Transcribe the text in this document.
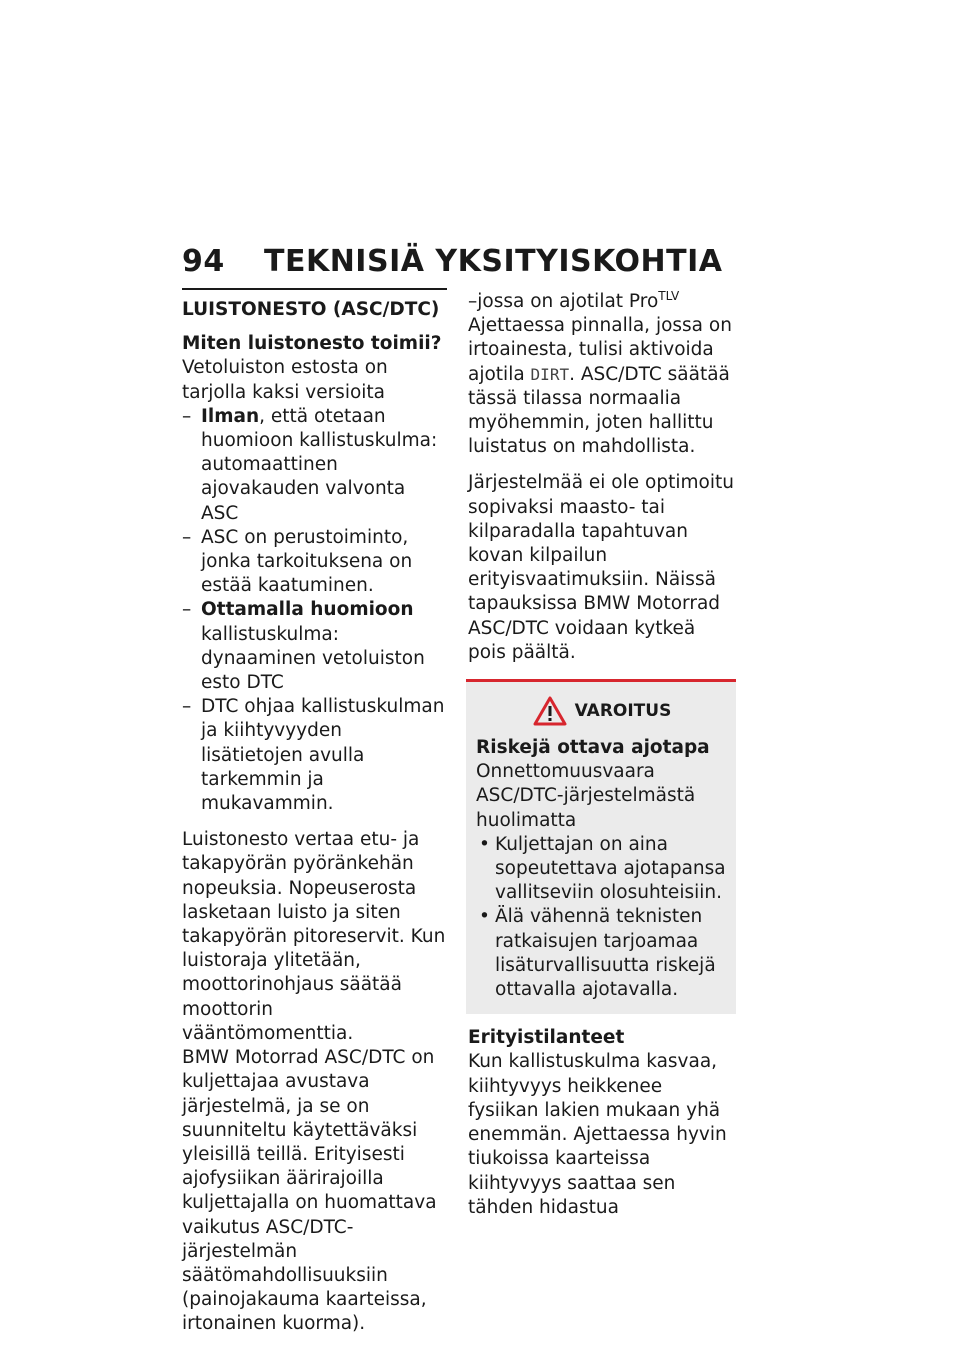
94 TEKNISIÄ YKSITYISKOHTIA
LUISTONESTO (ASC/DTC)
Miten luistonesto toimii?

Vetoluiston estosta on tarjolla kaksi versioita

– Ilman, että otetaan huomioon kallistuskulma: automaattinen ajovakauden valvonta ASC
– ASC on perustoiminto, jonka tarkoituksena on estää kaatuminen.
– Ottamalla huomioon kallistuskulma: dynaaminen vetoluiston esto DTC
– DTC ohjaa kallistuskulman ja kiihtyvyyden lisätietojen avulla tarkemmin ja mukavammin.

Luistonesto vertaa etu- ja takapyörän pyöränkehän nopeuksia. Nopeuserosta lasketaan luisto ja siten takapyörän pitoreservit. Kun luistoraja ylitetään, moottorinohjaus säätää moottorin vääntömomenttia.

BMW Motorrad ASC/DTC on kuljettajaa avustava järjestelmä, ja se on suunniteltu käytettäväksi yleisillä teillä. Erityisesti ajofysiikan äärirajoilla kuljettajalla on huomattava vaikutus ASC/DTC-järjestelmän säätömahdollisuuksiin (painojakauma kaarteissa, irtonainen kuorma).

–jossa on ajotilat Pro$^{TLV}$

Ajettaessa pinnalla, jossa on irtoainesta, tulisi aktivoida ajotila DIRT. ASC/DTC säätää tässä tilassa normaalia myöhemmin, joten hallittu luistatus on mahdollista.

Järjestelmää ei ole optimoitu sopivaksi maasto- tai kilparadalla tapahtuvan kovan kilpailun erityisvaatimuksiin. Näissä tapauksissa BMW Motorrad ASC/DTC voidaan kytkeä pois päältä.

VAROITUS
Riskejä ottava ajotapa

Onnettomuusvaara ASC/DTC-järjestelmästä huolimatta

• Kuljettajan on aina sopeutettava ajotapansa vallitseviin olosuhteisiin.
• Älä vähennä teknisten ratkaisujen tarjoamaa lisäturvallisuutta riskejä ottavalla ajotavalla.
Erityistilanteet

Kun kallistuskulma kasvaa, kiihtyvyys heikkenee fysiikan lakien mukaan yhä enemmän. Ajettaessa hyvin tiukoissa kaarteissa kiihtyvyys saattaa sen tähden hidastua
